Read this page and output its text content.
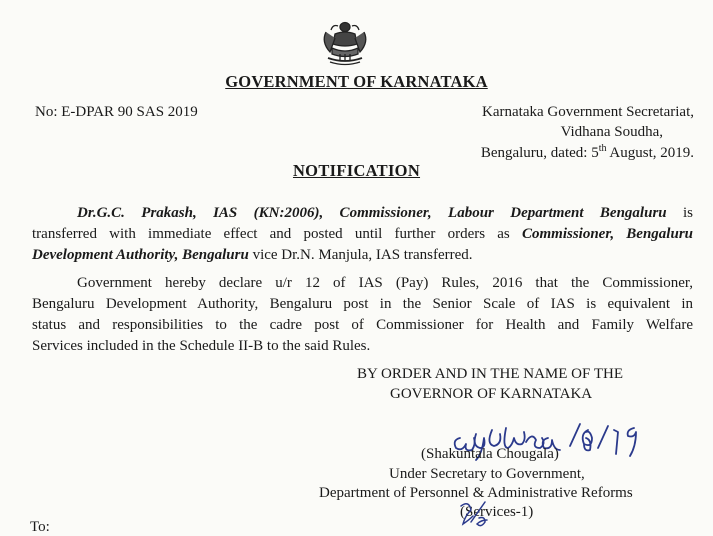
GOVERNMENT OF KARNATAKA
No: E-DPAR 90 SAS 2019	Karnataka Government Secretariat,
Vidhana Soudha,
Bengaluru, dated: 5th August, 2019.
NOTIFICATION
Dr.G.C. Prakash, IAS (KN:2006), Commissioner, Labour Department Bengaluru is
transferred with immediate effect and posted until further orders as Commissioner, Bengaluru
Development Authority, Bengaluru vice Dr.N. Manjula, IAS transferred.
Government hereby declare u/r 12 of IAS (Pay) Rules, 2016 that the Commissioner,
Bengaluru Development Authority, Bengaluru post in the Senior Scale of IAS is equivalent in
status and responsibilities to the cadre post of Commissioner for Health and Family Welfare
Services included in the Schedule II-B to the said Rules.
BY ORDER AND IN THE NAME OF THE
GOVERNOR OF KARNATAKA
(Shakuntala Chougala)
Under Secretary to Government,
Department of Personnel & Administrative Reforms
(Services-1)
To:
